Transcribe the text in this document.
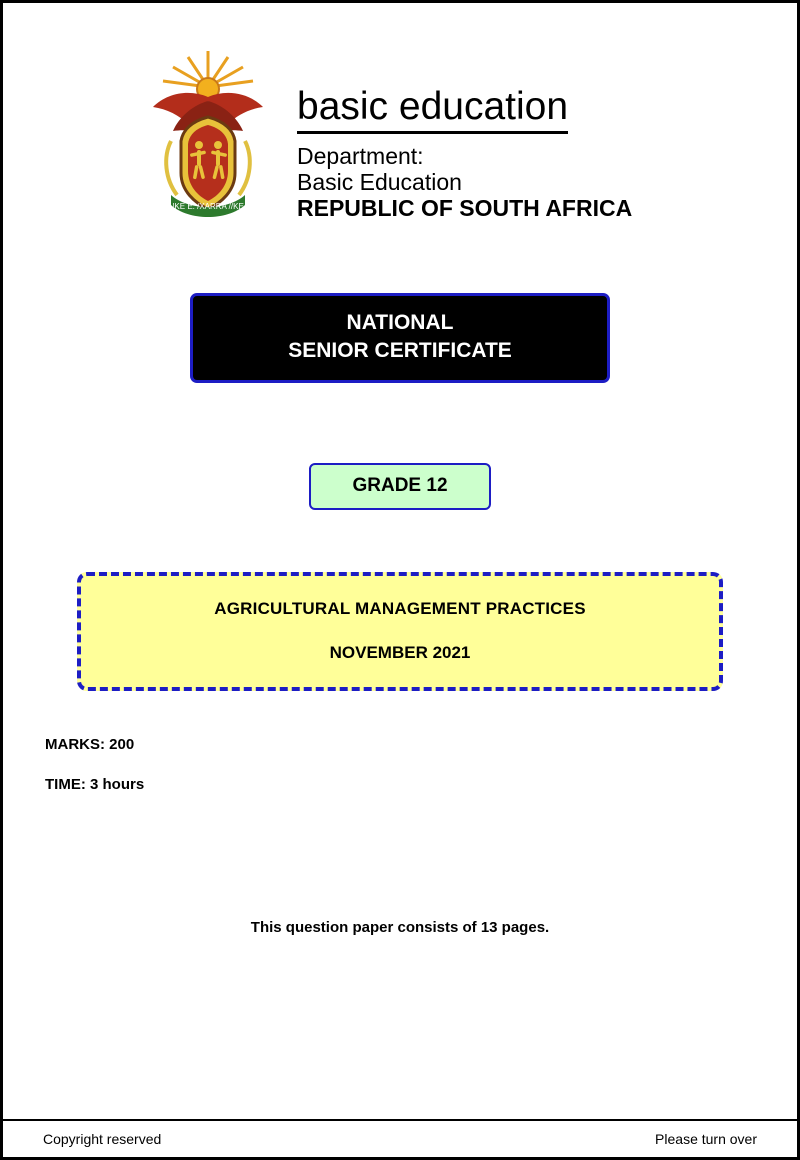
!KE E: /XARRA //KE
basic education
Department:
Basic Education
REPUBLIC OF SOUTH AFRICA
NATIONAL
SENIOR CERTIFICATE
GRADE 12
AGRICULTURAL MANAGEMENT PRACTICES
NOVEMBER 2021
MARKS: 200
TIME: 3 hours
This question paper consists of 13 pages.
Copyright reserved	Please turn over
